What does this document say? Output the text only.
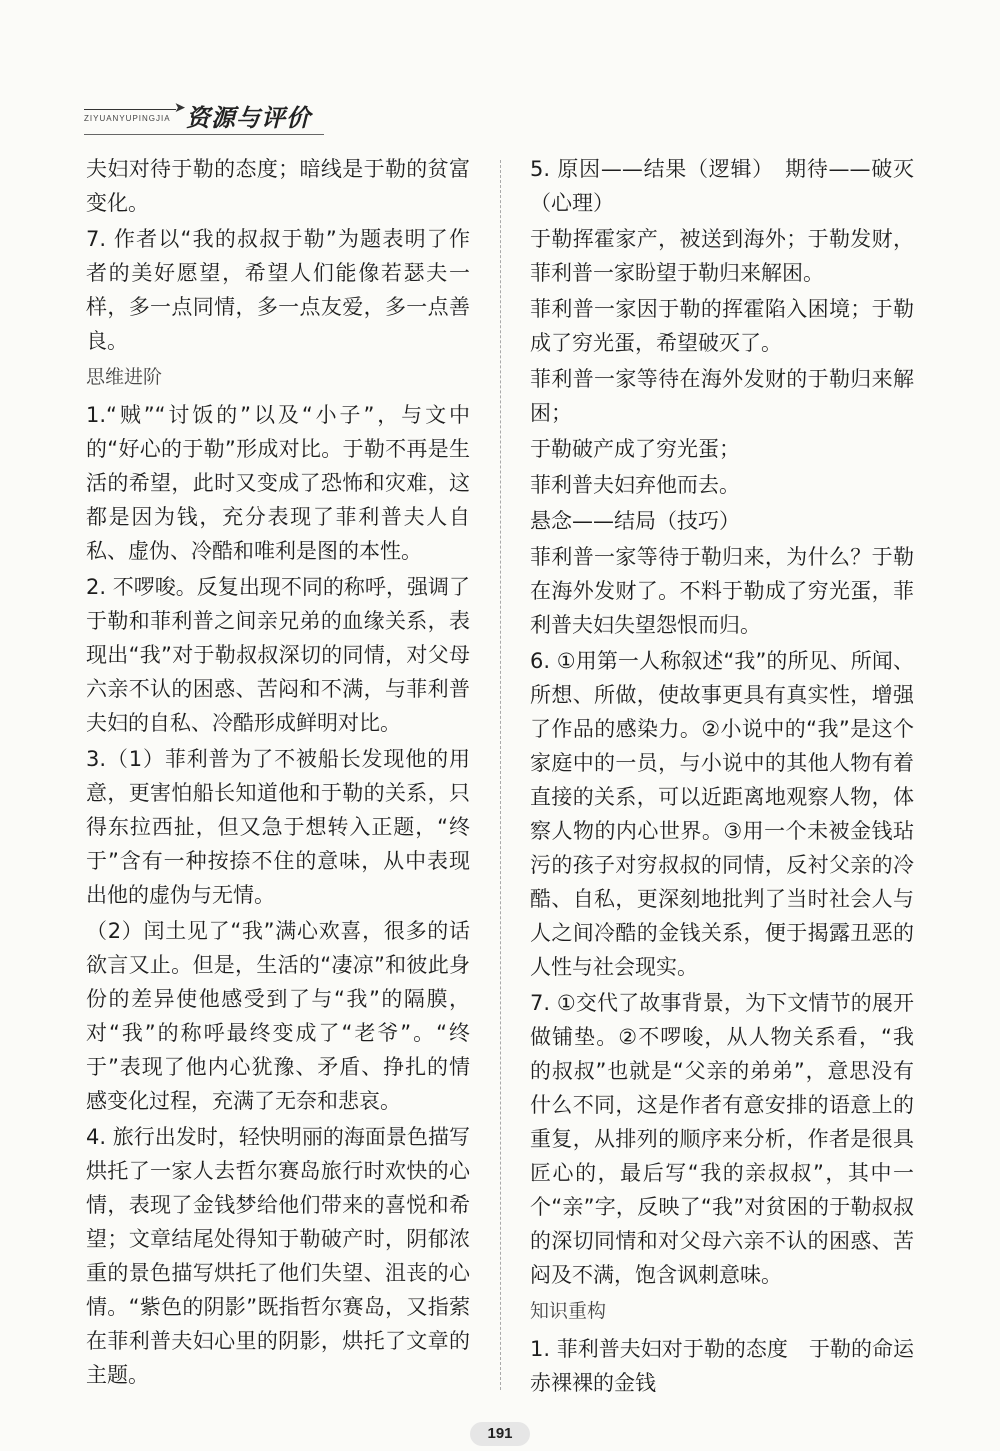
➤
ZIYUANYUPINGJIA 资源与评价

夫妇对待于勒的态度；暗线是于勒的贫富变化。

7. 作者以“我的叔叔于勒”为题表明了作者的美好愿望，希望人们能像若瑟夫一样，多一点同情，多一点友爱，多一点善良。

思维进阶

1.“贼”“讨饭的”以及“小子”，与文中的“好心的于勒”形成对比。于勒不再是生活的希望，此时又变成了恐怖和灾难，这都是因为钱，充分表现了菲利普夫人自私、虚伪、冷酷和唯利是图的本性。

2. 不啰唆。反复出现不同的称呼，强调了于勒和菲利普之间亲兄弟的血缘关系，表现出“我”对于勒叔叔深切的同情，对父母六亲不认的困惑、苦闷和不满，与菲利普夫妇的自私、冷酷形成鲜明对比。

3.（1）菲利普为了不被船长发现他的用意，更害怕船长知道他和于勒的关系，只得东拉西扯，但又急于想转入正题，“终于”含有一种按捺不住的意味，从中表现出他的虚伪与无情。

（2）闰土见了“我”满心欢喜，很多的话欲言又止。但是，生活的“凄凉”和彼此身份的差异使他感受到了与“我”的隔膜，对“我”的称呼最终变成了“老爷”。“终于”表现了他内心犹豫、矛盾、挣扎的情感变化过程，充满了无奈和悲哀。

4. 旅行出发时，轻快明丽的海面景色描写烘托了一家人去哲尔赛岛旅行时欢快的心情，表现了金钱梦给他们带来的喜悦和希望；文章结尾处得知于勒破产时，阴郁浓重的景色描写烘托了他们失望、沮丧的心情。“紫色的阴影”既指哲尔赛岛，又指萦在菲利普夫妇心里的阴影，烘托了文章的主题。

5. 原因——结果（逻辑）　期待——破灭（心理）

于勒挥霍家产，被送到海外；于勒发财，菲利普一家盼望于勒归来解困。

菲利普一家因于勒的挥霍陷入困境；于勒成了穷光蛋，希望破灭了。

菲利普一家等待在海外发财的于勒归来解困；

于勒破产成了穷光蛋；

菲利普夫妇弃他而去。

悬念——结局（技巧）

菲利普一家等待于勒归来，为什么？于勒在海外发财了。不料于勒成了穷光蛋，菲利普夫妇失望怨恨而归。

6. ①用第一人称叙述“我”的所见、所闻、所想、所做，使故事更具有真实性，增强了作品的感染力。②小说中的“我”是这个家庭中的一员，与小说中的其他人物有着直接的关系，可以近距离地观察人物，体察人物的内心世界。③用一个未被金钱玷污的孩子对穷叔叔的同情，反衬父亲的冷酷、自私，更深刻地批判了当时社会人与人之间冷酷的金钱关系，便于揭露丑恶的人性与社会现实。

7. ①交代了故事背景，为下文情节的展开做铺垫。②不啰唆，从人物关系看，“我的叔叔”也就是“父亲的弟弟”，意思没有什么不同，这是作者有意安排的语意上的重复，从排列的顺序来分析，作者是很具匠心的，最后写“我的亲叔叔”，其中一个“亲”字，反映了“我”对贫困的于勒叔叔的深切同情和对父母六亲不认的困惑、苦闷及不满，饱含讽刺意味。

知识重构

1. 菲利普夫妇对于勒的态度　于勒的命运　赤裸裸的金钱

191
